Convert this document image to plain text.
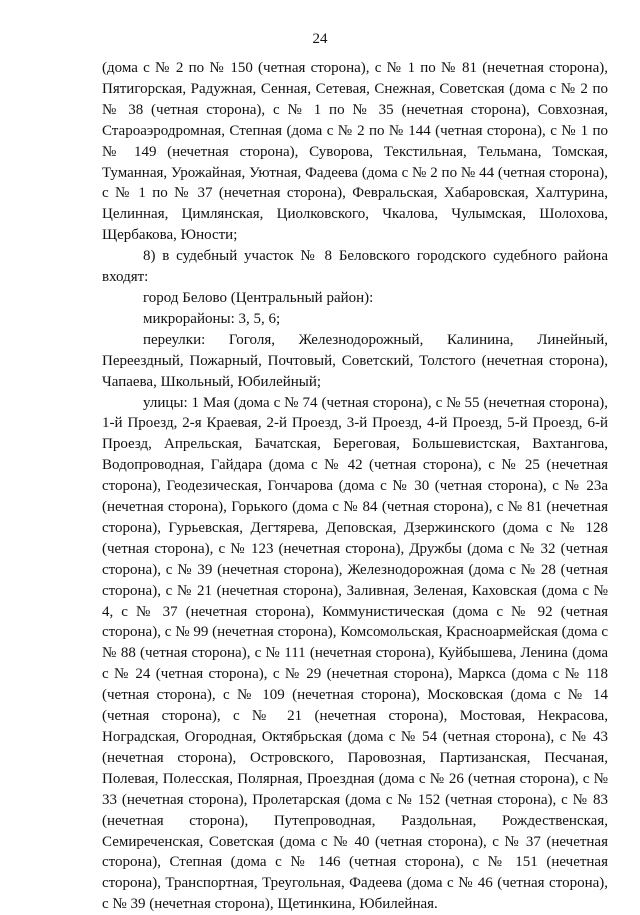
24

(дома с № 2 по № 150 (четная сторона), с № 1 по № 81 (нечетная сторона), Пятигорская, Радужная, Сенная, Сетевая, Снежная, Советская (дома с № 2 по № 38 (четная сторона), с № 1 по № 35 (нечетная сторона), Совхозная, Староаэродромная, Степная (дома с № 2 по № 144 (четная сторона), с № 1 по № 149 (нечетная сторона), Суворова, Текстильная, Тельмана, Томская, Туманная, Урожайная, Уютная, Фадеева (дома с № 2 по № 44 (четная сторона), с № 1 по № 37 (нечетная сторона), Февральская, Хабаровская, Халтурина, Целинная, Цимлянская, Циолковского, Чкалова, Чулымская, Шолохова, Щербакова, Юности;

8) в судебный участок № 8 Беловского городского судебного района входят:

город Белово (Центральный район):

микрорайоны: 3, 5, 6;

переулки: Гоголя, Железнодорожный, Калинина, Линейный, Переездный, Пожарный, Почтовый, Советский, Толстого (нечетная сторона), Чапаева, Школьный, Юбилейный;

улицы: 1 Мая (дома с № 74 (четная сторона), с № 55 (нечетная сторона), 1-й Проезд, 2-я Краевая, 2-й Проезд, 3-й Проезд, 4-й Проезд, 5-й Проезд, 6-й Проезд, Апрельская, Бачатская, Береговая, Большевистская, Вахтангова, Водопроводная, Гайдара (дома с № 42 (четная сторона), с № 25 (нечетная сторона), Геодезическая, Гончарова (дома с № 30 (четная сторона), с № 23а (нечетная сторона), Горького (дома с № 84 (четная сторона), с № 81 (нечетная сторона), Гурьевская, Дегтярева, Деповская, Дзержинского (дома с № 128 (четная сторона), с № 123 (нечетная сторона), Дружбы (дома с № 32 (четная сторона), с № 39 (нечетная сторона), Железнодорожная (дома с № 28 (четная сторона), с № 21 (нечетная сторона), Заливная, Зеленая, Каховская (дома с № 4, с № 37 (нечетная сторона), Коммунистическая (дома с № 92 (четная сторона), с № 99 (нечетная сторона), Комсомольская, Красноармейская (дома с № 88 (четная сторона), с № 111 (нечетная сторона), Куйбышева, Ленина (дома с № 24 (четная сторона), с № 29 (нечетная сторона), Маркса (дома с № 118 (четная сторона), с № 109 (нечетная сторона), Московская (дома с № 14 (четная сторона), с № 21 (нечетная сторона), Мостовая, Некрасова, Ноградская, Огородная, Октябрьская (дома с № 54 (четная сторона), с № 43 (нечетная сторона), Островского, Паровозная, Партизанская, Песчаная, Полевая, Полесская, Полярная, Проездная (дома с № 26 (четная сторона), с № 33 (нечетная сторона), Пролетарская (дома с № 152 (четная сторона), с № 83 (нечетная сторона), Путепроводная, Раздольная, Рождественская, Семиреченская, Советская (дома с № 40 (четная сторона), с № 37 (нечетная сторона), Степная (дома с № 146 (четная сторона), с № 151 (нечетная сторона), Транспортная, Треугольная, Фадеева (дома с № 46 (четная сторона), с № 39 (нечетная сторона), Щетинкина, Юбилейная.
